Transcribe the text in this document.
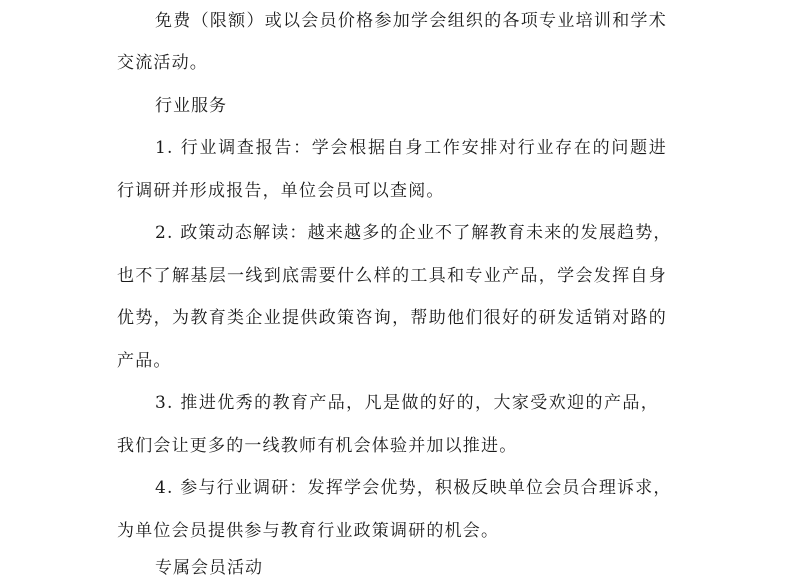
免费（限额）或以会员价格参加学会组织的各项专业培训和学术
交流活动。
行业服务
1. 行业调查报告：学会根据自身工作安排对行业存在的问题进
行调研并形成报告，单位会员可以查阅。
2. 政策动态解读：越来越多的企业不了解教育未来的发展趋势，
也不了解基层一线到底需要什么样的工具和专业产品，学会发挥自身
优势，为教育类企业提供政策咨询，帮助他们很好的研发适销对路的
产品。
3. 推进优秀的教育产品，凡是做的好的，大家受欢迎的产品，
我们会让更多的一线教师有机会体验并加以推进。
4. 参与行业调研：发挥学会优势，积极反映单位会员合理诉求，
为单位会员提供参与教育行业政策调研的机会。
专属会员活动
